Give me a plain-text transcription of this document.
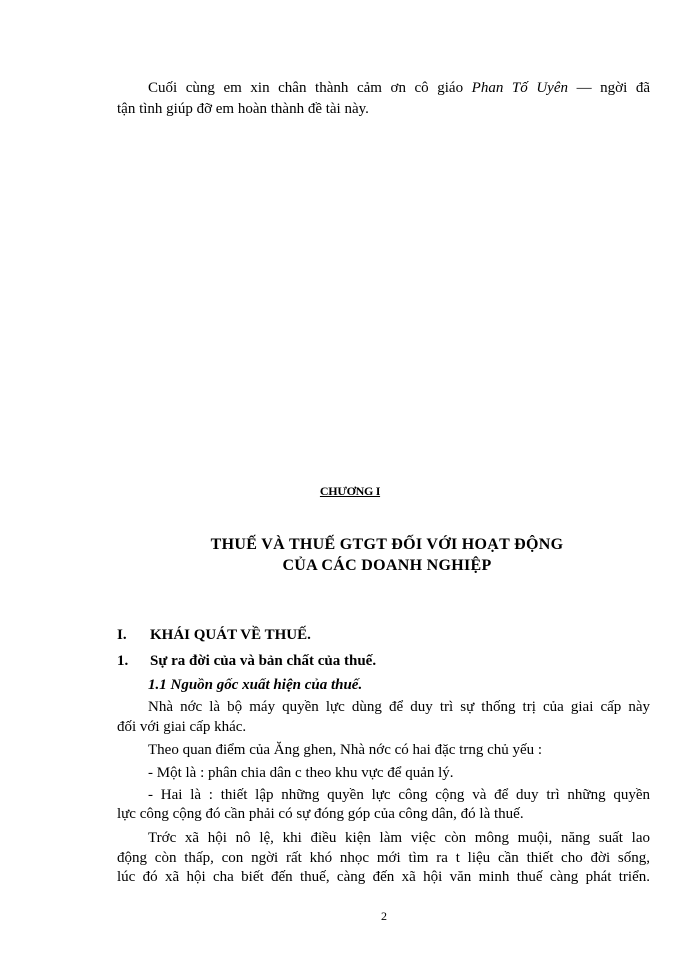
Cuối cùng em xin chân thành cảm ơn cô giáo Phan Tố Uyên — ngời đã
tận tình giúp đỡ em hoàn thành đề tài này.
CHƯƠNG I
THUẾ VÀ THUẾ GTGT ĐỐI VỚI HOẠT ĐỘNG
CỦA CÁC DOANH NGHIỆP
I. KHÁI QUÁT VỀ THUẾ.
1. Sự ra đời của và bản chất của thuế.
1.1 Nguồn gốc xuất hiện của thuế.
Nhà nớc là bộ máy quyền lực dùng để duy trì sự thống trị của giai cấp này
đối với giai cấp khác.
Theo quan điểm của Ăng ghen, Nhà nớc có hai đặc trng chủ yếu :
- Một là : phân chia dân c theo khu vực để quản lý.
- Hai là : thiết lập những quyền lực công cộng và để duy trì những quyền
lực công cộng đó cần phải có sự đóng góp của công dân, đó là thuế.
Trớc xã hội nô lệ, khi điều kiện làm việc còn mông muội, năng suất lao
động còn thấp, con ngời rất khó nhọc mới tìm ra t liệu cần thiết cho đời sống,
lúc đó xã hội cha biết đến thuế, càng đến xã hội văn minh thuế càng phát triển.
2
